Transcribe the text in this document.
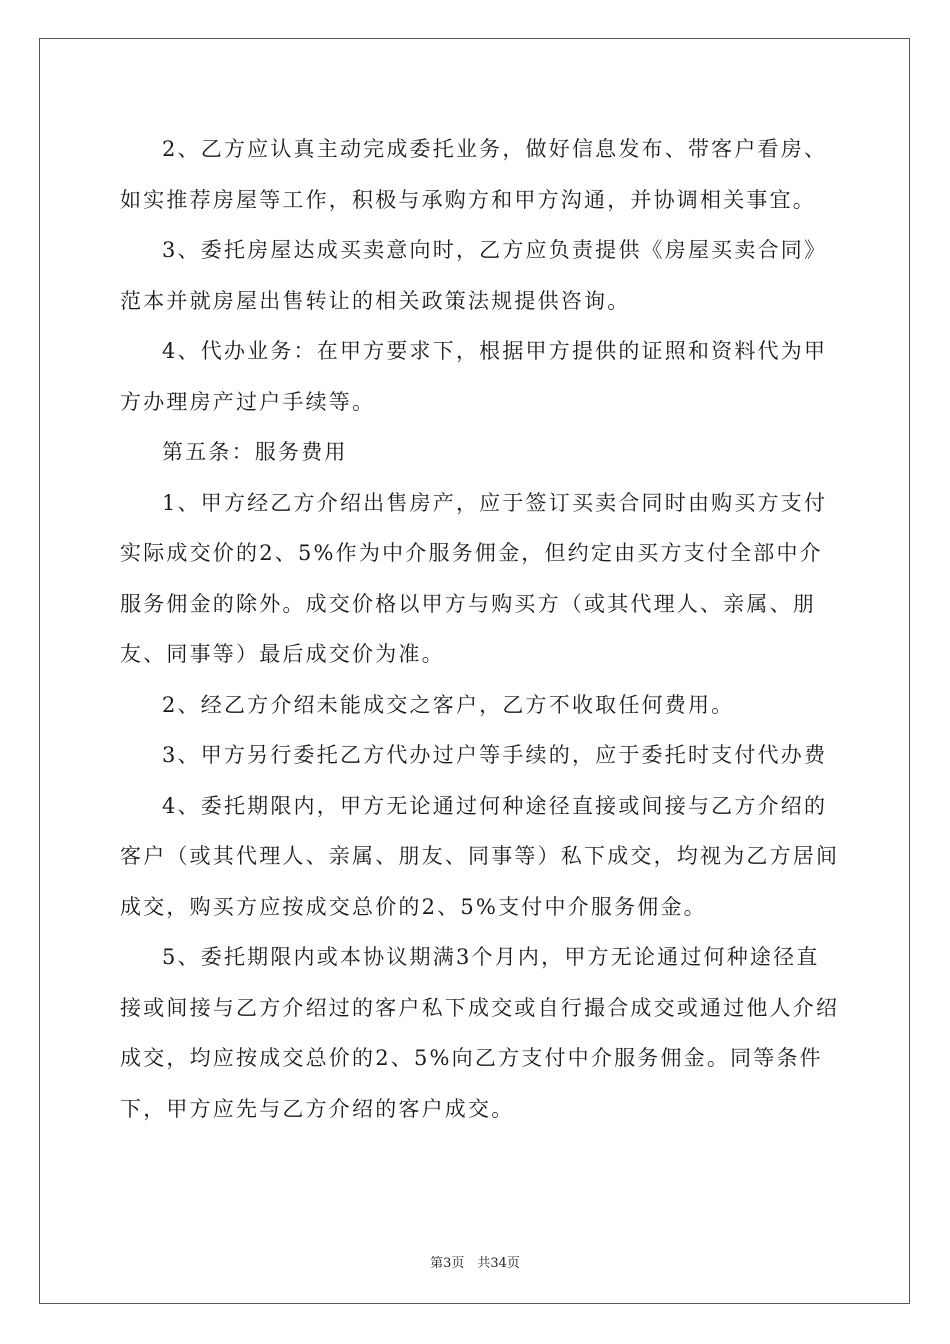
2、乙方应认真主动完成委托业务，做好信息发布、带客户看房、如实推荐房屋等工作，积极与承购方和甲方沟通，并协调相关事宜。

3、委托房屋达成买卖意向时，乙方应负责提供《房屋买卖合同》范本并就房屋出售转让的相关政策法规提供咨询。

4、代办业务：在甲方要求下，根据甲方提供的证照和资料代为甲方办理房产过户手续等。

第五条：服务费用

1、甲方经乙方介绍出售房产，应于签订买卖合同时由购买方支付实际成交价的2、5%作为中介服务佣金，但约定由买方支付全部中介服务佣金的除外。成交价格以甲方与购买方（或其代理人、亲属、朋友、同事等）最后成交价为准。

2、经乙方介绍未能成交之客户，乙方不收取任何费用。

3、甲方另行委托乙方代办过户等手续的，应于委托时支付代办费

4、委托期限内，甲方无论通过何种途径直接或间接与乙方介绍的客户（或其代理人、亲属、朋友、同事等）私下成交，均视为乙方居间成交，购买方应按成交总价的2、5%支付中介服务佣金。

5、委托期限内或本协议期满3个月内，甲方无论通过何种途径直接或间接与乙方介绍过的客户私下成交或自行撮合成交或通过他人介绍成交，均应按成交总价的2、5%向乙方支付中介服务佣金。同等条件下，甲方应先与乙方介绍的客户成交。

第3页　共34页
